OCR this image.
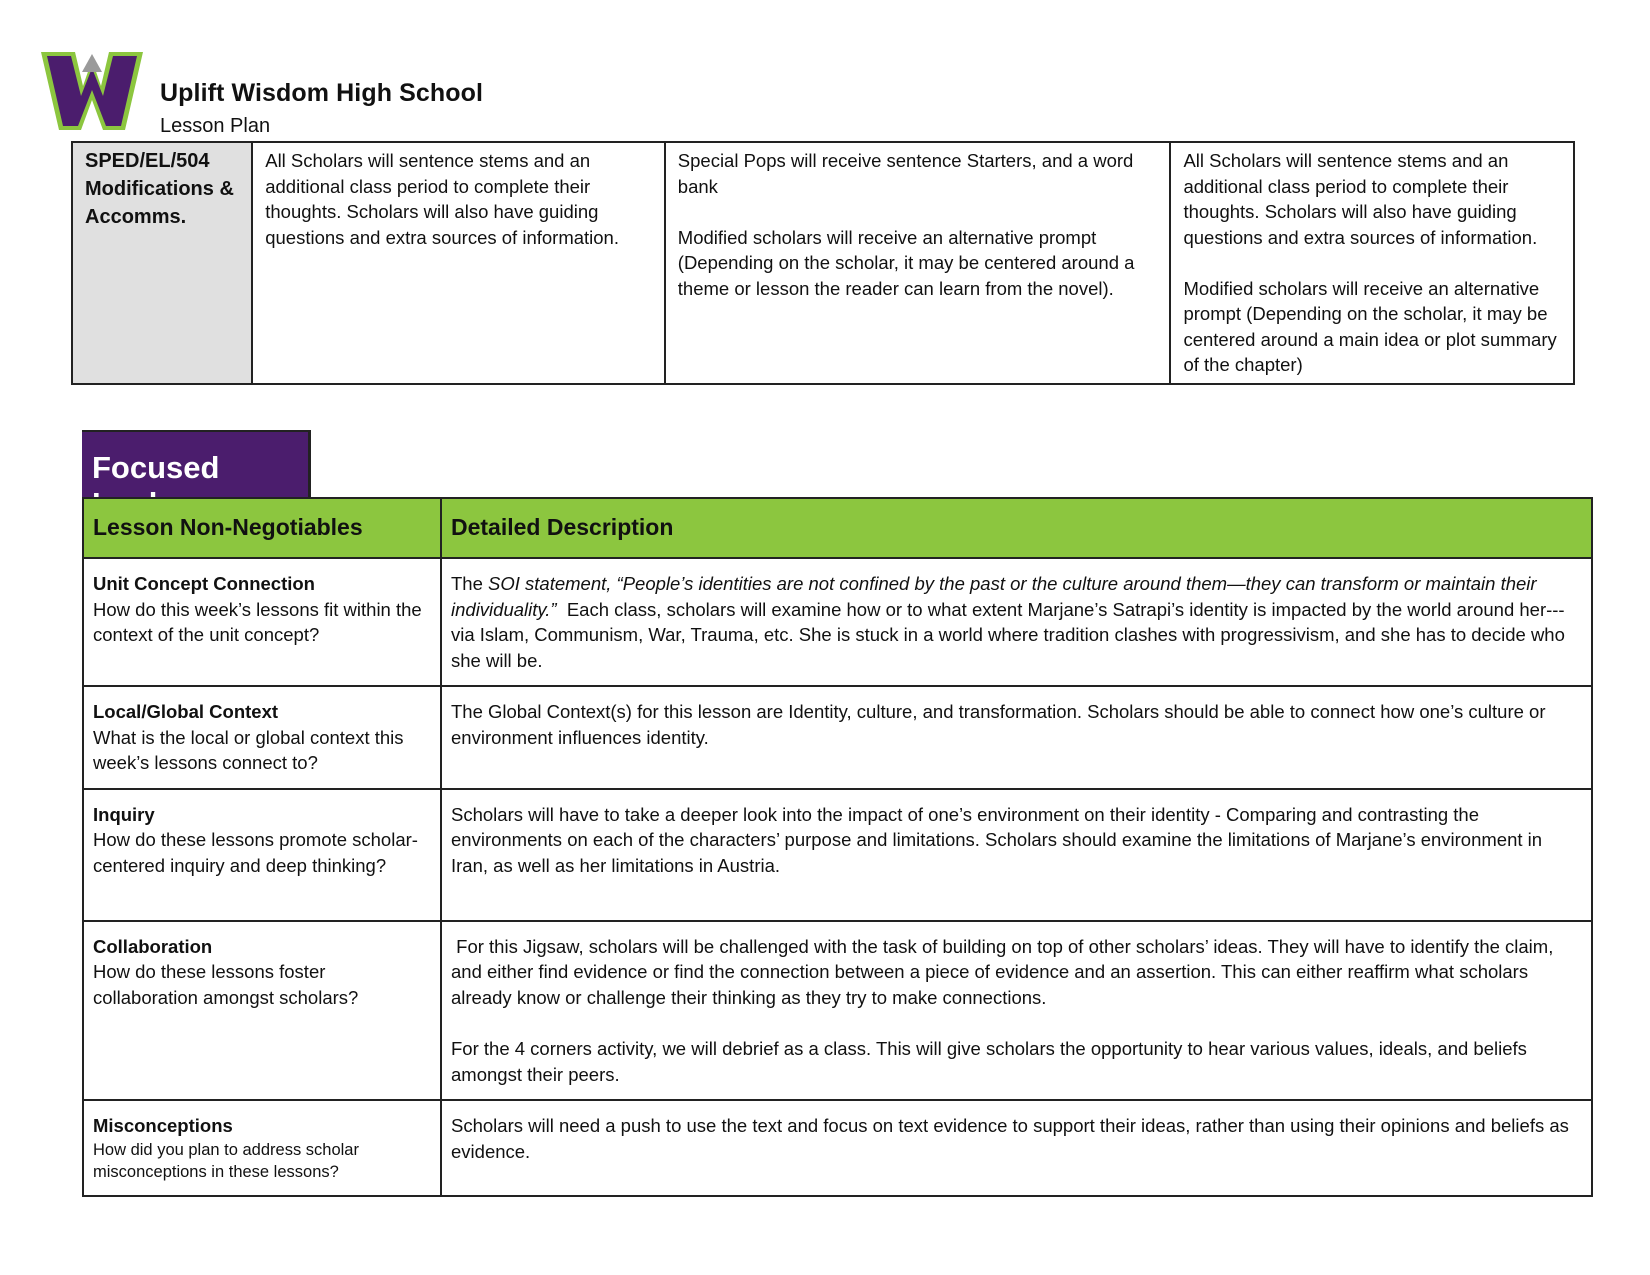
Uplift Wisdom High School
Lesson Plan
SPED/EL/504 Modifications & Accomms.	All Scholars will sentence stems and an additional class period to complete their thoughts. Scholars will also have guiding questions and extra sources of information.	Special Pops will receive sentence Starters, and a word bank

Modified scholars will receive an alternative prompt (Depending on the scholar, it may be centered around a theme or lesson the reader can learn from the novel).	All Scholars will sentence stems and an additional class period to complete their thoughts. Scholars will also have guiding questions and extra sources of information.

Modified scholars will receive an alternative prompt (Depending on the scholar, it may be centered around a main idea or plot summary of the chapter)
Focused
Lesson Non-Negotiables	Detailed Description

Unit Concept Connection
How do this week’s lessons fit within the context of the unit concept?	The SOI statement, “People’s identities are not confined by the past or the culture around them—they can transform or maintain their individuality.”  Each class, scholars will examine how or to what extent Marjane’s Satrapi’s identity is impacted by the world around her--- via Islam, Communism, War, Trauma, etc. She is stuck in a world where tradition clashes with progressivism, and she has to decide who she will be.

Local/Global Context
What is the local or global context this week’s lessons connect to?	The Global Context(s) for this lesson are Identity, culture, and transformation. Scholars should be able to connect how one’s culture or environment influences identity.

Inquiry
How do these lessons promote scholar-centered inquiry and deep thinking?	Scholars will have to take a deeper look into the impact of one’s environment on their identity - Comparing and contrasting the environments on each of the characters’ purpose and limitations. Scholars should examine the limitations of Marjane’s environment in Iran, as well as her limitations in Austria.

Collaboration
How do these lessons foster collaboration amongst scholars?	For this Jigsaw, scholars will be challenged with the task of building on top of other scholars’ ideas. They will have to identify the claim, and either find evidence or find the connection between a piece of evidence and an assertion. This can either reaffirm what scholars already know or challenge their thinking as they try to make connections.
For the 4 corners activity, we will debrief as a class. This will give scholars the opportunity to hear various values, ideals, and beliefs amongst their peers.

Misconceptions
How did you plan to address scholar misconceptions in these lessons?	Scholars will need a push to use the text and focus on text evidence to support their ideas, rather than using their opinions and beliefs as evidence.
